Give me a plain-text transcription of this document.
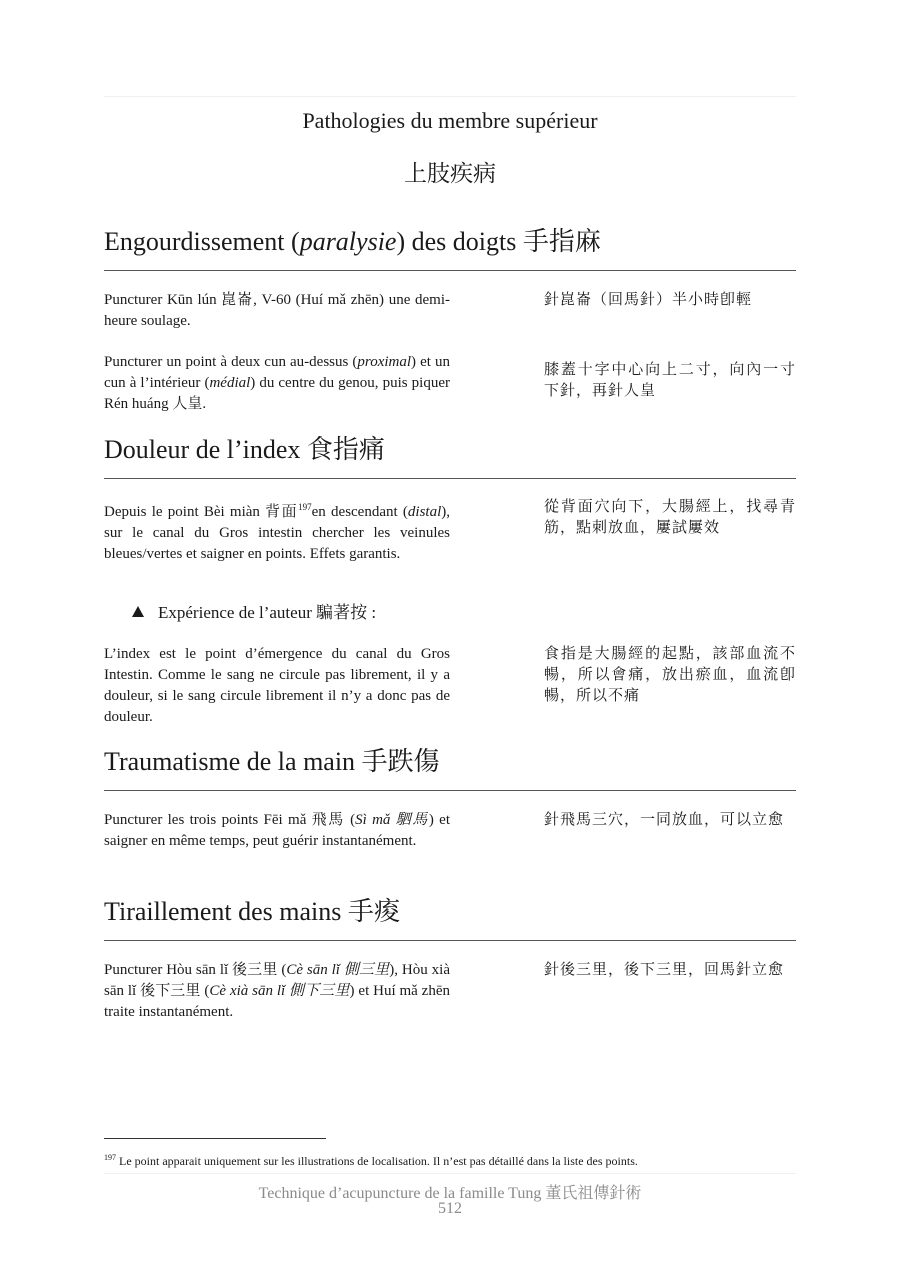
Pathologies du membre supérieur
上肢疾病
Engourdissement (paralysie) des doigts 手指麻
Puncturer Kūn lún 崑崙, V-60 (Huí mǎ zhēn) une demi-heure soulage.
針崑崙（回馬針）半小時卽輕
Puncturer un point à deux cun au-dessus (proximal) et un cun à l’intérieur (médial) du centre du genou, puis piquer Rén huáng 人皇.
膝蓋十字中心向上二寸，向內一寸下針，再針人皇
Douleur de l’index 食指痛
Depuis le point Bèi miàn 背面$^{197}$en descendant (distal), sur le canal du Gros intestin chercher les veinules bleues/vertes et saigner en points. Effets garantis.
從背面穴向下，大腸經上，找尋青筋，點刺放血，屢試屢效
Expérience de l’auteur 騙著按 :
L’index est le point d’émergence du canal du Gros Intestin. Comme le sang ne circule pas librement, il y a douleur, si le sang circule librement il n’y a donc pas de douleur.
食指是大腸經的起點，該部血流不暢，所以會痛，放出瘀血，血流卽暢，所以不痛
Traumatisme de la main 手跌傷
Puncturer les trois points Fēi mǎ 飛馬 (Sì mǎ 駟馬) et saigner en même temps, peut guérir instantanément.
針飛馬三穴，一同放血，可以立愈
Tiraillement des mains 手痠
Puncturer Hòu sān lǐ 後三里 (Cè sān lǐ 側三里), Hòu xià sān lǐ 後下三里 (Cè xià sān lǐ 側下三里) et Huí mǎ zhēn traite instantanément.
針後三里，後下三里，回馬針立愈
$^{197}$ Le point apparait uniquement sur les illustrations de localisation. Il n’est pas détaillé dans la liste des points.
Technique d’acupuncture de la famille Tung 董氏祖傳針術
512
